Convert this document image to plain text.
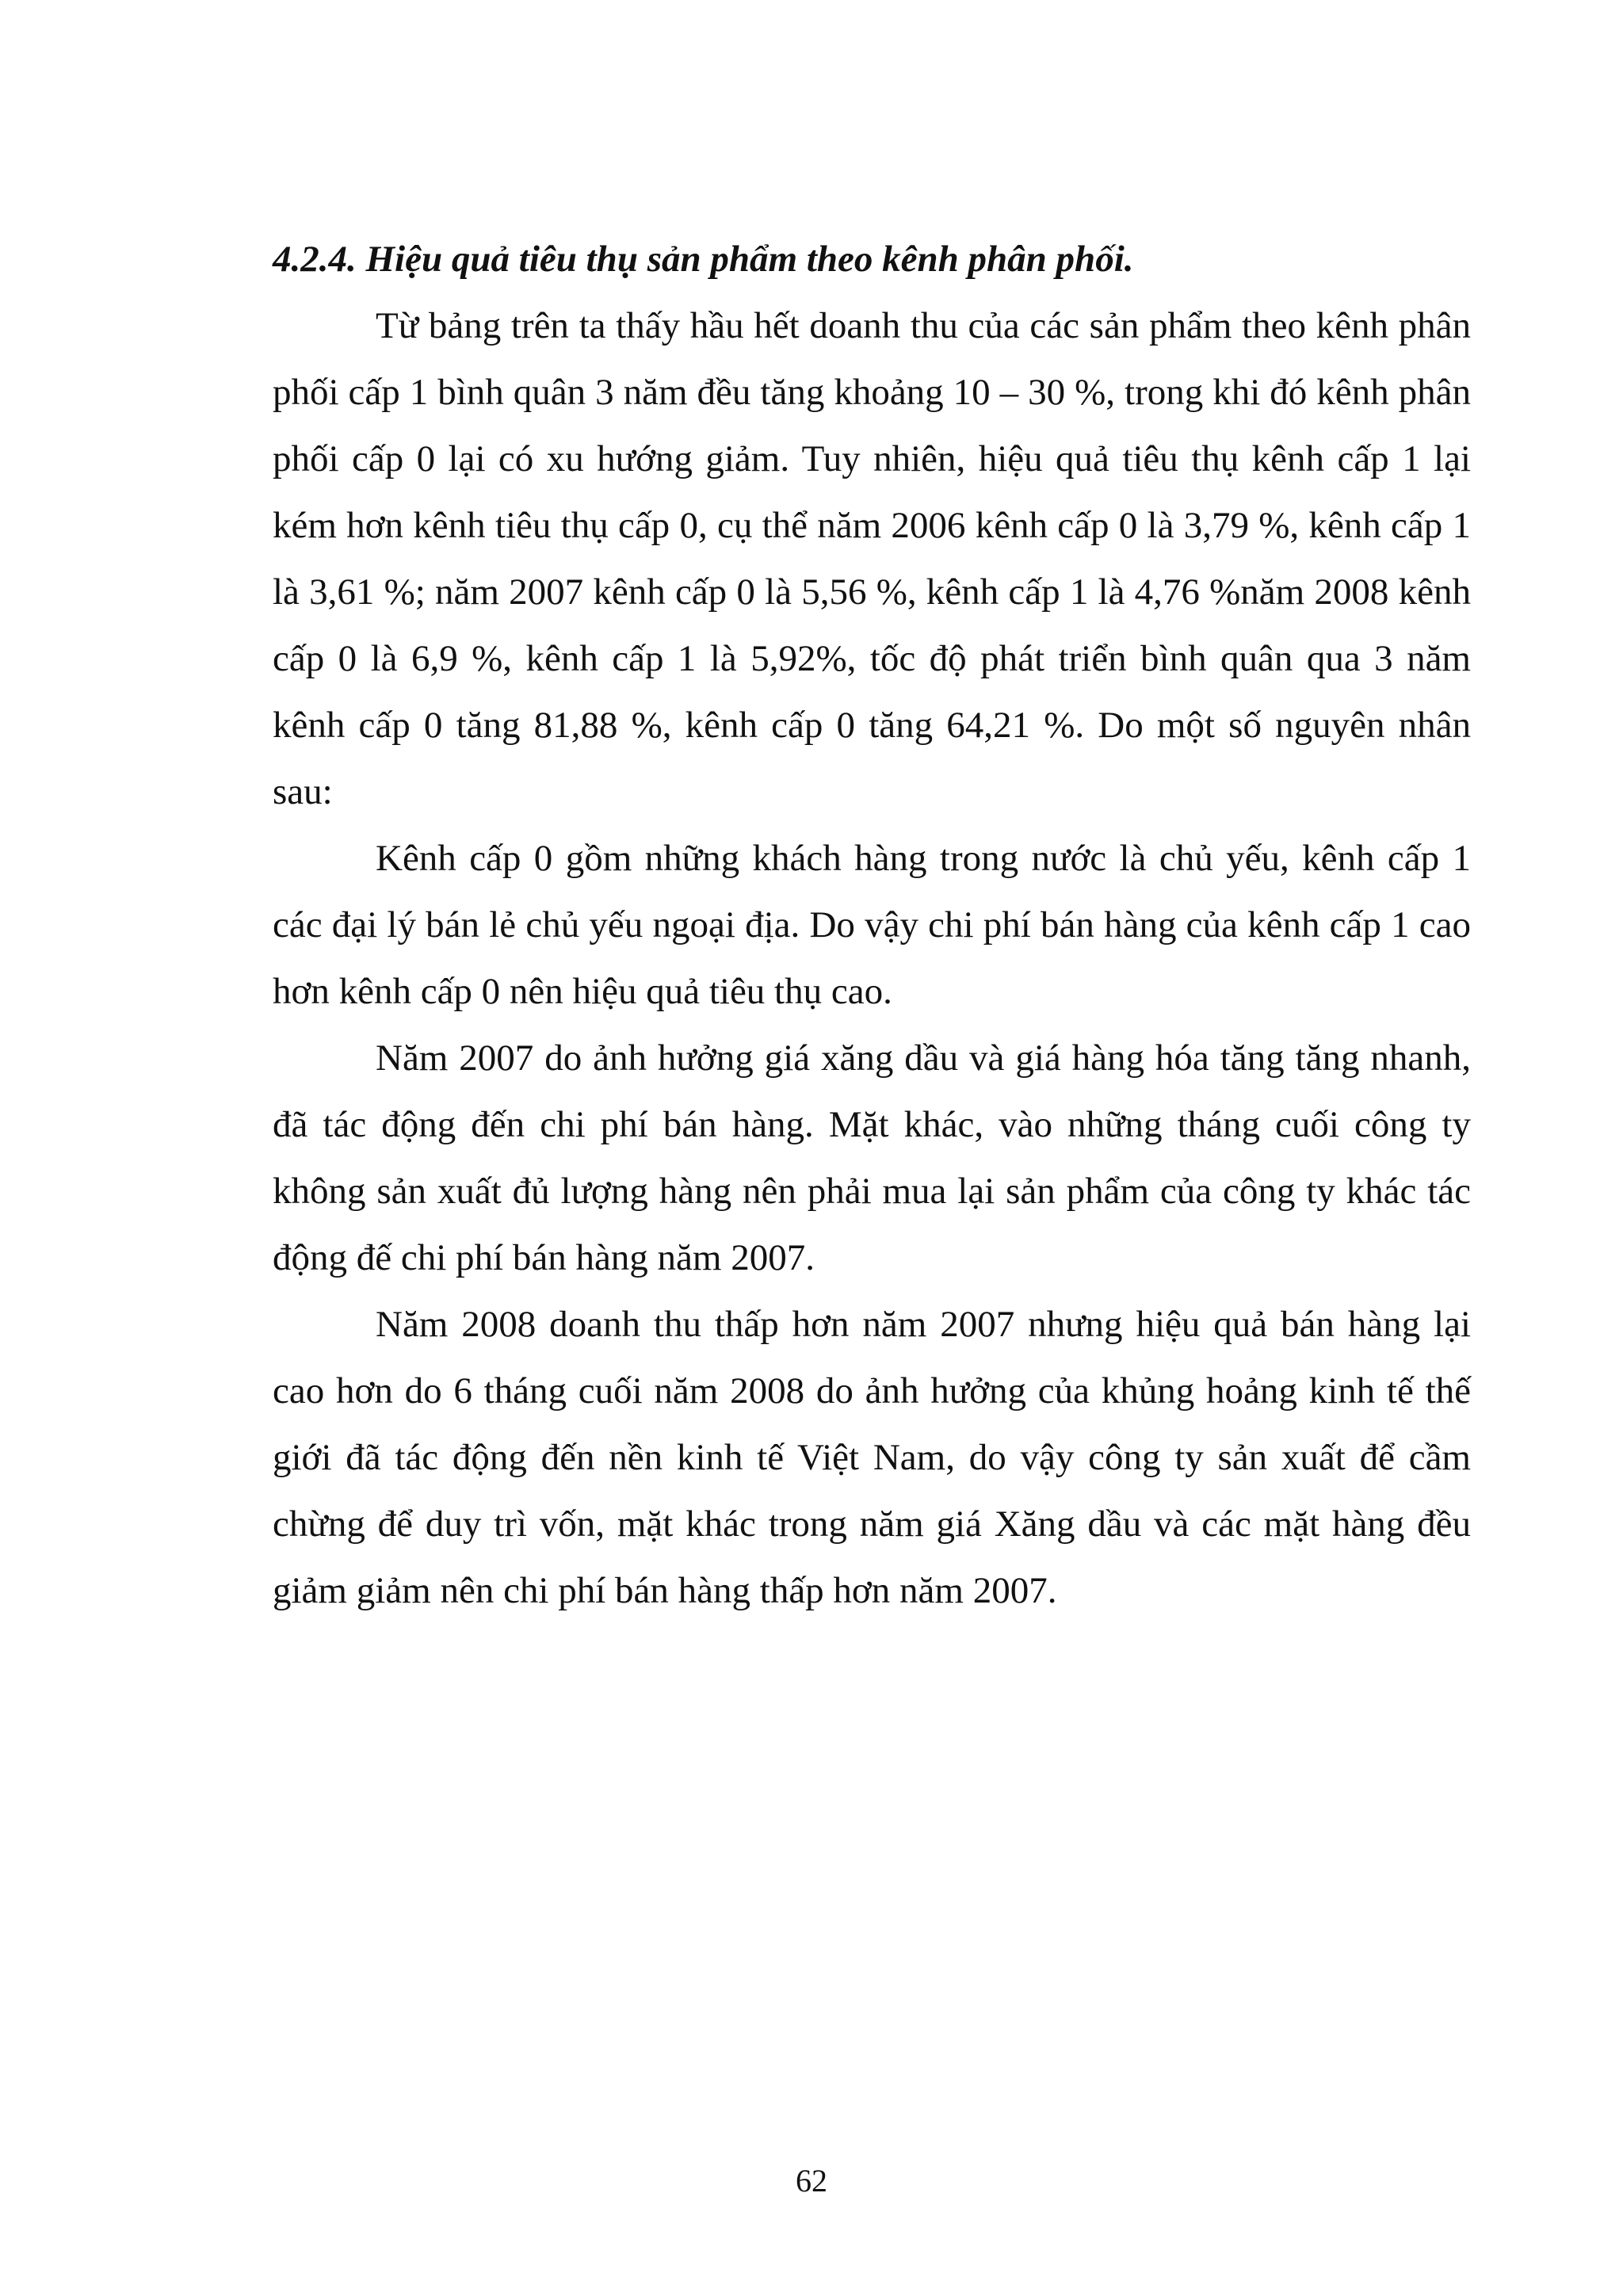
4.2.4. Hiệu quả tiêu thụ sản phẩm theo kênh phân phối.

Từ bảng trên ta thấy hầu hết doanh thu của các sản phẩm theo kênh phân phối cấp 1 bình quân 3 năm đều tăng khoảng 10 – 30 %, trong khi đó kênh phân phối cấp 0 lại có xu hướng giảm. Tuy nhiên, hiệu quả tiêu thụ kênh cấp 1 lại kém hơn kênh tiêu thụ cấp 0, cụ thể năm 2006 kênh cấp 0 là 3,79 %, kênh cấp 1 là 3,61 %; năm 2007 kênh cấp 0 là 5,56 %, kênh cấp 1 là 4,76 %năm 2008 kênh cấp 0 là 6,9 %, kênh cấp 1 là 5,92%, tốc độ phát triển bình quân qua 3 năm kênh cấp 0 tăng 81,88 %, kênh cấp 0 tăng 64,21 %. Do một số nguyên nhân sau:

Kênh cấp 0 gồm những khách hàng trong nước là chủ yếu, kênh cấp 1 các đại lý bán lẻ chủ yếu ngoại địa. Do vậy chi phí bán hàng của kênh cấp 1 cao hơn kênh cấp 0 nên hiệu quả tiêu thụ cao.

Năm 2007 do ảnh hưởng giá xăng dầu và giá hàng hóa tăng tăng nhanh, đã tác động đến chi phí bán hàng. Mặt khác, vào những tháng cuối công ty không sản xuất đủ lượng hàng nên phải mua lại sản phẩm của công ty khác tác động đế chi phí bán hàng năm 2007.

Năm 2008 doanh thu thấp hơn năm 2007 nhưng hiệu quả bán hàng lại cao hơn do 6 tháng cuối năm 2008 do ảnh hưởng của khủng hoảng kinh tế thế giới đã tác động đến nền kinh tế Việt Nam, do vậy công ty sản xuất để cầm chừng để duy trì vốn, mặt khác trong năm giá Xăng dầu và các mặt hàng đều giảm giảm nên chi phí bán hàng thấp hơn năm 2007.

62
